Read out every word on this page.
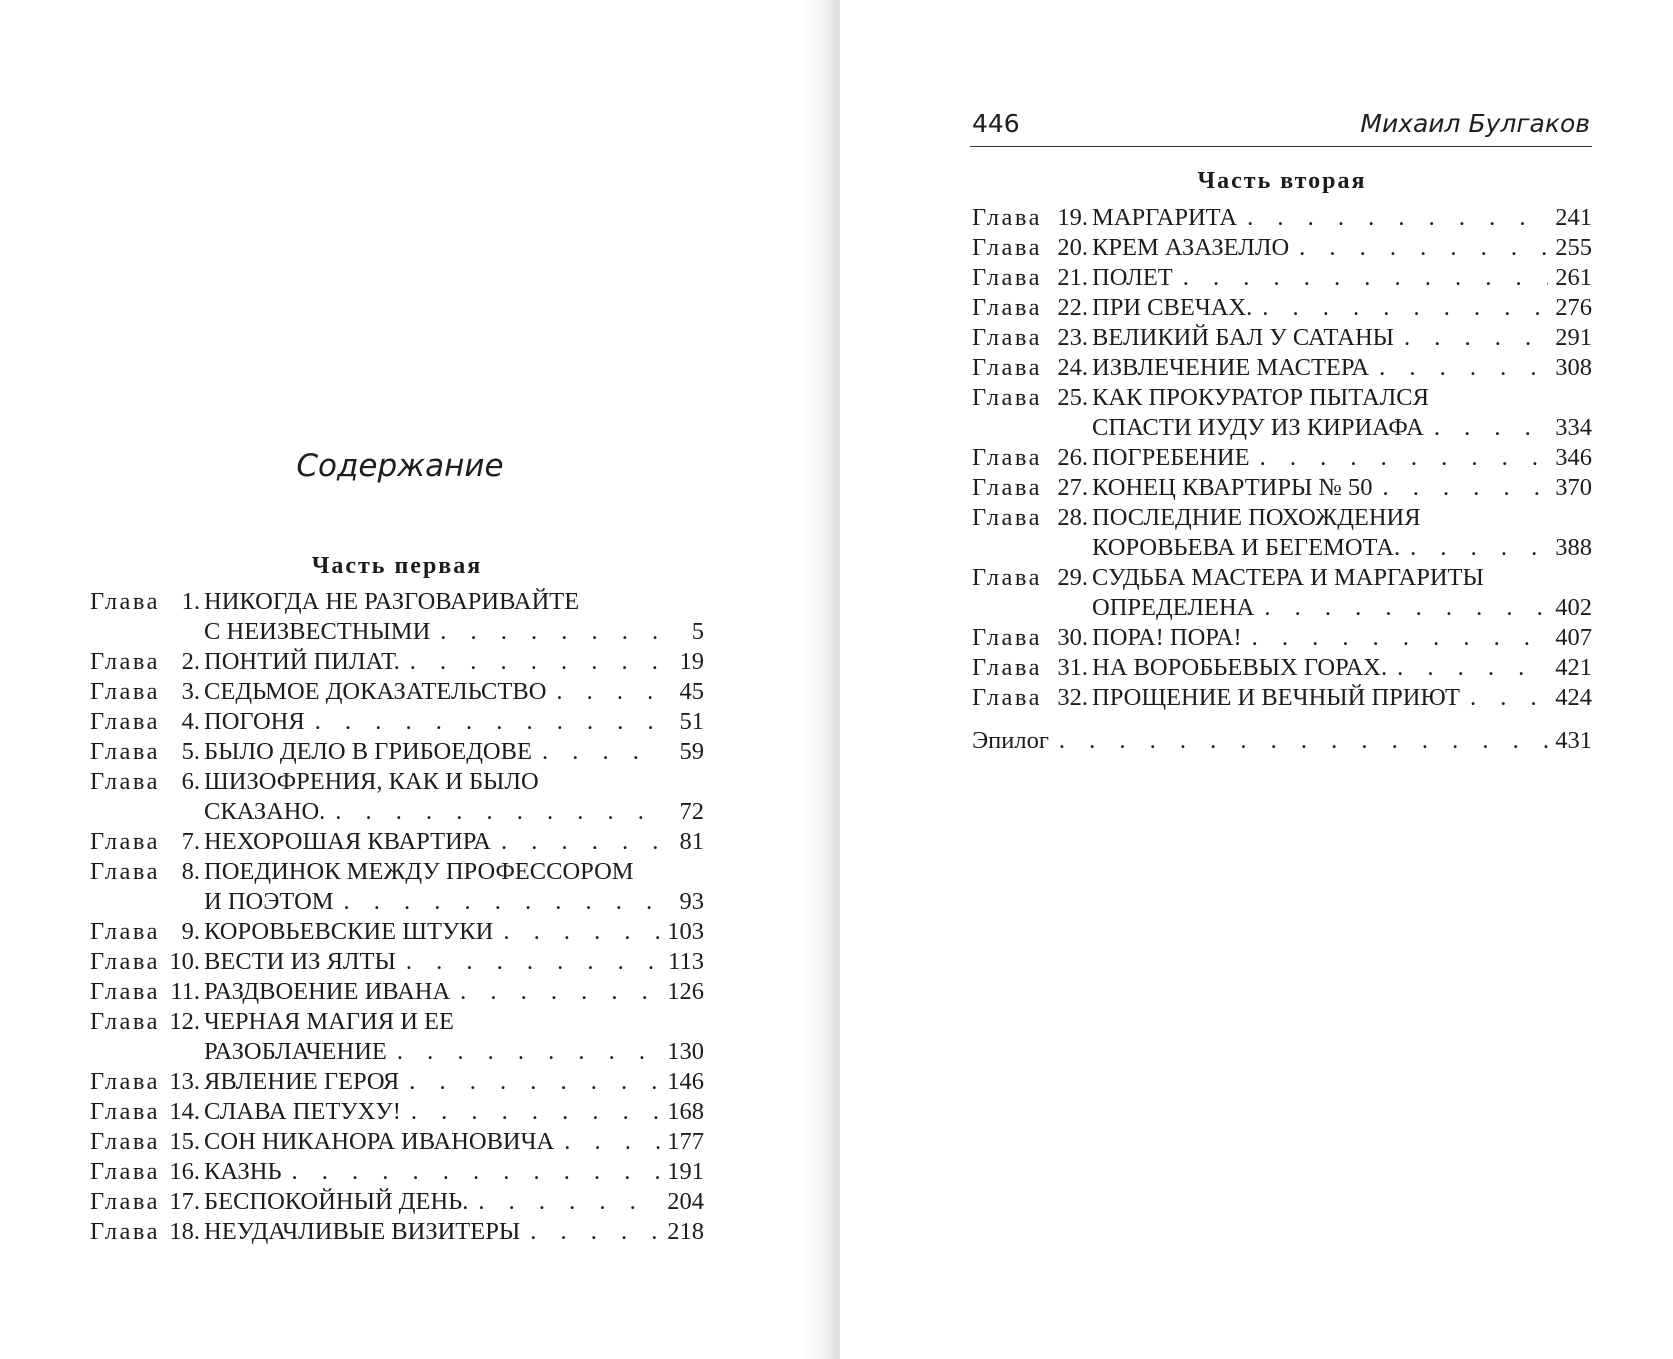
Содержание
Часть первая
Глава 1. НИКОГДА НЕ РАЗГОВАРИВАЙТЕ
С НЕИЗВЕСТНЫМИ . . .	5
Глава 2. ПОНТИЙ ПИЛАТ. . . .	19
Глава 3. СЕДЬМОЕ ДОКАЗАТЕЛЬСТВО . . .	45
Глава 4. ПОГОНЯ . . .	51
Глава 5. БЫЛО ДЕЛО В ГРИБОЕДОВЕ . . .	59
Глава 6. ШИЗОФРЕНИЯ, КАК И БЫЛО
СКАЗАНО. . . .	72
Глава 7. НЕХОРОШАЯ КВАРТИРА . . .	81
Глава 8. ПОЕДИНОК МЕЖДУ ПРОФЕССОРОМ
И ПОЭТОМ . . .	93
Глава 9. КОРОВЬЕВСКИЕ ШТУКИ . . .	103
Глава 10. ВЕСТИ ИЗ ЯЛТЫ . . .	113
Глава 11. РАЗДВОЕНИЕ ИВАНА . . .	126
Глава 12. ЧЕРНАЯ МАГИЯ И ЕЕ
РАЗОБЛАЧЕНИЕ . . .	130
Глава 13. ЯВЛЕНИЕ ГЕРОЯ . . .	146
Глава 14. СЛАВА ПЕТУХУ! . . .	168
Глава 15. СОН НИКАНОРА ИВАНОВИЧА . . .	177
Глава 16. КАЗНЬ . . .	191
Глава 17. БЕСПОКОЙНЫЙ ДЕНЬ. . . .	204
Глава 18. НЕУДАЧЛИВЫЕ ВИЗИТЕРЫ . . .	218
446	Михаил Булгаков
Часть вторая
Глава 19. МАРГАРИТА . . .	241
Глава 20. КРЕМ АЗАЗЕЛЛО . . .	255
Глава 21. ПОЛЕТ . . .	261
Глава 22. ПРИ СВЕЧАХ. . . .	276
Глава 23. ВЕЛИКИЙ БАЛ У САТАНЫ . . .	291
Глава 24. ИЗВЛЕЧЕНИЕ МАСТЕРА . . .	308
Глава 25. КАК ПРОКУРАТОР ПЫТАЛСЯ
СПАСТИ ИУДУ ИЗ КИРИАФА . . .	334
Глава 26. ПОГРЕБЕНИЕ . . .	346
Глава 27. КОНЕЦ КВАРТИРЫ № 50 . . .	370
Глава 28. ПОСЛЕДНИЕ ПОХОЖДЕНИЯ
КОРОВЬЕВА И БЕГЕМОТА. . . .	388
Глава 29. СУДЬБА МАСТЕРА И МАРГАРИТЫ
ОПРЕДЕЛЕНА . . .	402
Глава 30. ПОРА! ПОРА! . . .	407
Глава 31. НА ВОРОБЬЕВЫХ ГОРАХ. . . .	421
Глава 32. ПРОЩЕНИЕ И ВЕЧНЫЙ ПРИЮТ . . .	424
Эпилог . . .	431
